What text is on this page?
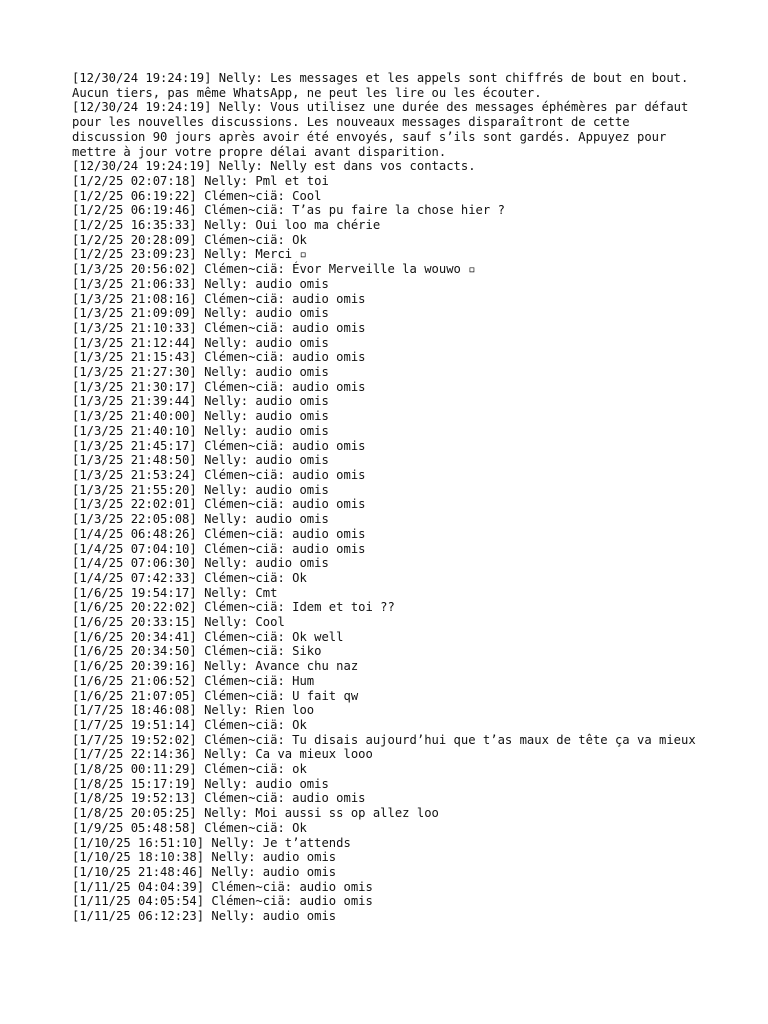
[12/30/24 19:24:19] Nelly: Les messages et les appels sont chiffrés de bout en bout. Aucun tiers, pas même WhatsApp, ne peut les lire ou les écouter.
[12/30/24 19:24:19] Nelly: Vous utilisez une durée des messages éphémères par défaut pour les nouvelles discussions. Les nouveaux messages disparaîtront de cette discussion 90 jours après avoir été envoyés, sauf s’ils sont gardés. Appuyez pour mettre à jour votre propre délai avant disparition.
[12/30/24 19:24:19] Nelly: Nelly est dans vos contacts.
[1/2/25 02:07:18] Nelly: Pml et toi
[1/2/25 06:19:22] Clémen~ciä: Cool
[1/2/25 06:19:46] Clémen~ciä: T’as pu faire la chose hier ?
[1/2/25 16:35:33] Nelly: Oui loo ma chérie
[1/2/25 20:28:09] Clémen~ciä: Ok
[1/2/25 23:09:23] Nelly: Merci ▫
[1/3/25 20:56:02] Clémen~ciä: Évor Merveille la wouwo ▫
[1/3/25 21:06:33] Nelly: audio omis
[1/3/25 21:08:16] Clémen~ciä: audio omis
[1/3/25 21:09:09] Nelly: audio omis
[1/3/25 21:10:33] Clémen~ciä: audio omis
[1/3/25 21:12:44] Nelly: audio omis
[1/3/25 21:15:43] Clémen~ciä: audio omis
[1/3/25 21:27:30] Nelly: audio omis
[1/3/25 21:30:17] Clémen~ciä: audio omis
[1/3/25 21:39:44] Nelly: audio omis
[1/3/25 21:40:00] Nelly: audio omis
[1/3/25 21:40:10] Nelly: audio omis
[1/3/25 21:45:17] Clémen~ciä: audio omis
[1/3/25 21:48:50] Nelly: audio omis
[1/3/25 21:53:24] Clémen~ciä: audio omis
[1/3/25 21:55:20] Nelly: audio omis
[1/3/25 22:02:01] Clémen~ciä: audio omis
[1/3/25 22:05:08] Nelly: audio omis
[1/4/25 06:48:26] Clémen~ciä: audio omis
[1/4/25 07:04:10] Clémen~ciä: audio omis
[1/4/25 07:06:30] Nelly: audio omis
[1/4/25 07:42:33] Clémen~ciä: Ok
[1/6/25 19:54:17] Nelly: Cmt
[1/6/25 20:22:02] Clémen~ciä: Idem et toi ??
[1/6/25 20:33:15] Nelly: Cool
[1/6/25 20:34:41] Clémen~ciä: Ok well
[1/6/25 20:34:50] Clémen~ciä: Siko
[1/6/25 20:39:16] Nelly: Avance chu naz
[1/6/25 21:06:52] Clémen~ciä: Hum
[1/6/25 21:07:05] Clémen~ciä: U fait qw
[1/7/25 18:46:08] Nelly: Rien loo
[1/7/25 19:51:14] Clémen~ciä: Ok
[1/7/25 19:52:02] Clémen~ciä: Tu disais aujourd’hui que t’as maux de tête ça va mieux
[1/7/25 22:14:36] Nelly: Ca va mieux looo
[1/8/25 00:11:29] Clémen~ciä: ok
[1/8/25 15:17:19] Nelly: audio omis
[1/8/25 19:52:13] Clémen~ciä: audio omis
[1/8/25 20:05:25] Nelly: Moi aussi ss op allez loo
[1/9/25 05:48:58] Clémen~ciä: Ok
[1/10/25 16:51:10] Nelly: Je t’attends
[1/10/25 18:10:38] Nelly: audio omis
[1/10/25 21:48:46] Nelly: audio omis
[1/11/25 04:04:39] Clémen~ciä: audio omis
[1/11/25 04:05:54] Clémen~ciä: audio omis
[1/11/25 06:12:23] Nelly: audio omis
